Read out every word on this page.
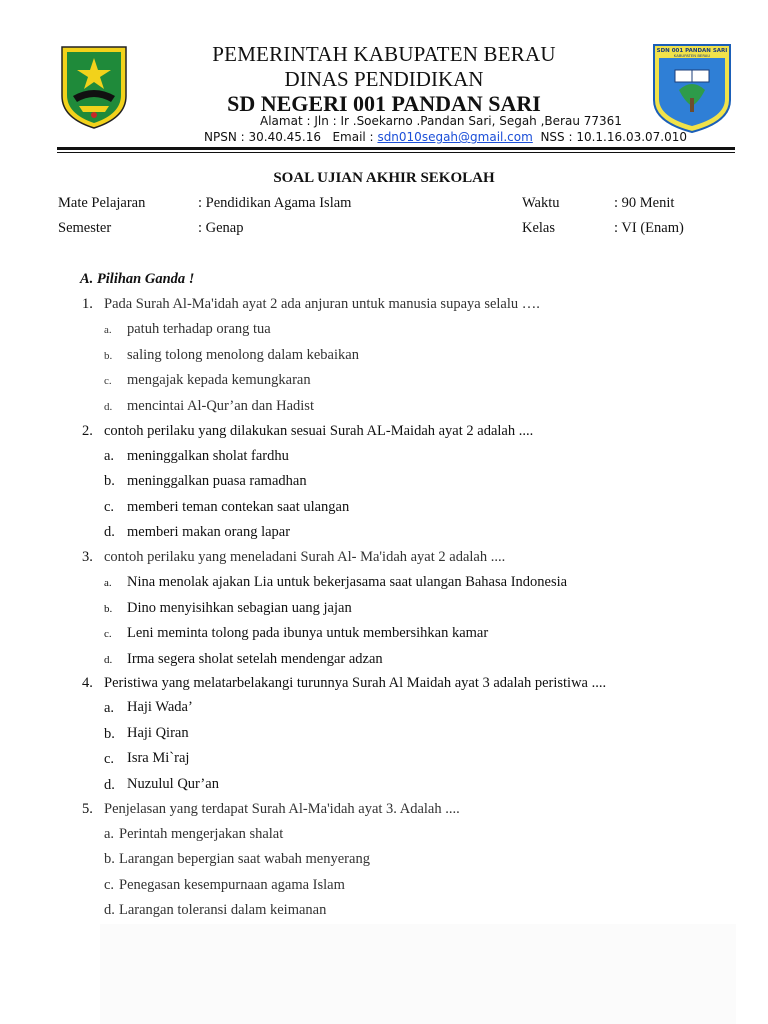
SDN 001 PANDAN SARI
KABUPATEN BERAU
PEMERINTAH KABUPATEN BERAU
DINAS PENDIDIKAN
SD NEGERI 001 PANDAN SARI
Alamat : Jln : Ir .Soekarno .Pandan Sari, Segah ,Berau 77361
NPSN : 30.40.45.16 Email : sdn010segah@gmail.com NSS : 10.1.16.03.07.010
SOAL UJIAN AKHIR SEKOLAH
Mate Pelajaran	: Pendidikan Agama Islam	Waktu	: 90 Menit
Semester	: Genap	Kelas	: VI (Enam)
A. Pilihan Ganda !
1. Pada Surah Al-Ma'idah ayat 2 ada anjuran untuk manusia supaya selalu ….
a. patuh terhadap orang tua
b. saling tolong menolong dalam kebaikan
c. mengajak kepada kemungkaran
d. mencintai Al-Qur’an dan Hadist
2. contoh perilaku yang dilakukan sesuai Surah AL-Maidah ayat 2 adalah ....
a. meninggalkan sholat fardhu
b. meninggalkan puasa ramadhan
c. memberi teman contekan saat ulangan
d. memberi makan orang lapar
3. contoh perilaku yang meneladani Surah Al- Ma'idah ayat 2 adalah ....
a. Nina menolak ajakan Lia untuk bekerjasama saat ulangan Bahasa Indonesia
b. Dino menyisihkan sebagian uang jajan
c. Leni meminta tolong pada ibunya untuk membersihkan kamar
d. Irma segera sholat setelah mendengar adzan
4. Peristiwa yang melatarbelakangi turunnya Surah Al Maidah ayat 3 adalah peristiwa ....
a. Haji Wada’
b. Haji Qiran
c. Isra Mi`raj
d. Nuzulul Qur’an
5. Penjelasan yang terdapat Surah Al-Ma'idah ayat 3. Adalah ....
a. Perintah mengerjakan shalat
b. Larangan bepergian saat wabah menyerang
c. Penegasan kesempurnaan agama Islam
d. Larangan toleransi dalam keimanan
